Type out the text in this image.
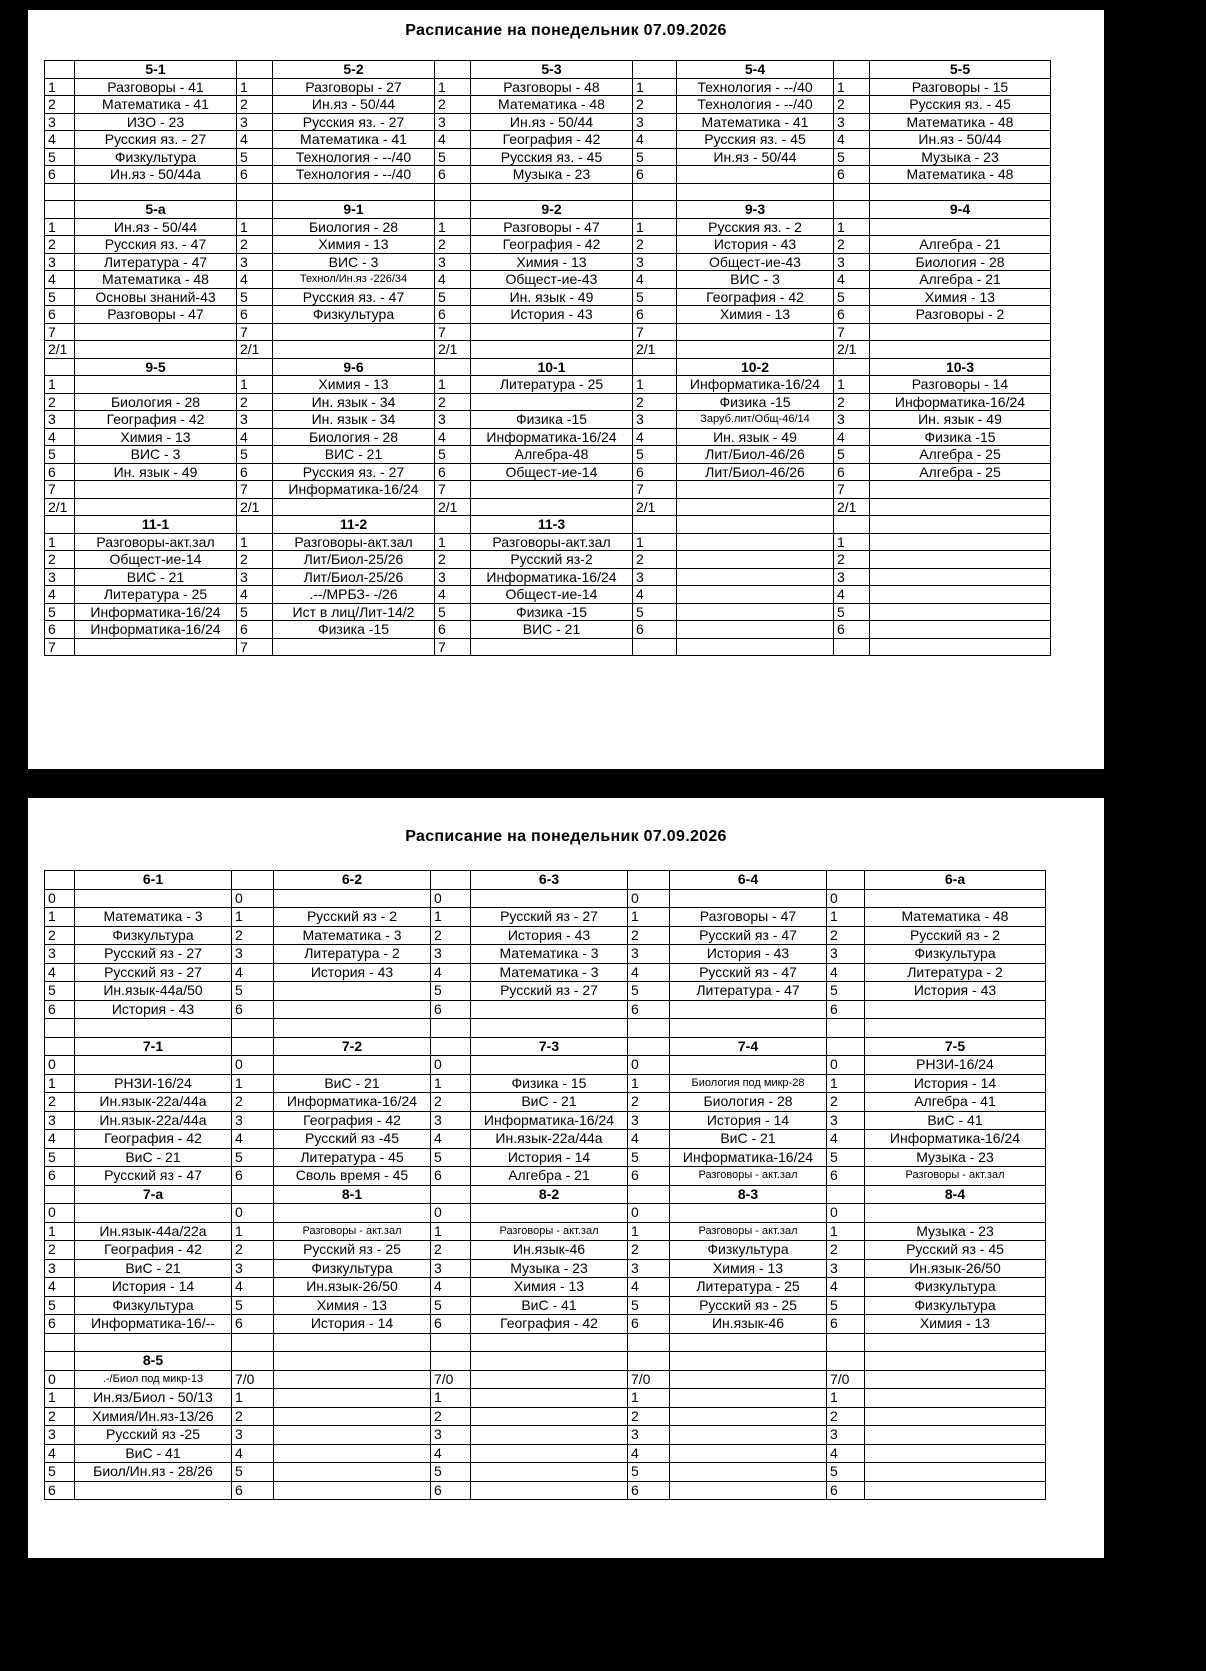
Расписание на понедельник 07.09.2026
	5-1		5-2		5-3		5-4		5-5
1	Разговоры - 41	1	Разговоры - 27	1	Разговоры - 48	1	Технология - --/40	1	Разговоры - 15
2	Математика - 41	2	Ин.яз - 50/44	2	Математика - 48	2	Технология - --/40	2	Русския яз. - 45
3	ИЗО - 23	3	Русския яз. - 27	3	Ин.яз - 50/44	3	Математика - 41	3	Математика - 48
4	Русския яз. - 27	4	Математика - 41	4	География - 42	4	Русския яз. - 45	4	Ин.яз - 50/44
5	Физкультура	5	Технология - --/40	5	Русския яз. - 45	5	Ин.яз - 50/44	5	Музыка - 23
6	Ин.яз - 50/44а	6	Технология - --/40	6	Музыка - 23	6		6	Математика - 48

	5-а		9-1		9-2		9-3		9-4
1	Ин.яз - 50/44	1	Биология - 28	1	Разговоры - 47	1	Русския яз. - 2	1	
2	Русския яз. - 47	2	Химия - 13	2	География - 42	2	История - 43	2	Алгебра - 21
3	Литература - 47	3	ВИС - 3	3	Химия - 13	3	Общест-ие-43	3	Биология - 28
4	Математика - 48	4	Технол/Ин.яз -226/34	4	Общест-ие-43	4	ВИС - 3	4	Алгебра - 21
5	Основы знаний-43	5	Русския яз. - 47	5	Ин. язык - 49	5	География - 42	5	Химия - 13
6	Разговоры - 47	6	Физкультура	6	История - 43	6	Химия - 13	6	Разговоры - 2
7		7		7		7		7	
2/1		2/1		2/1		2/1		2/1	
	9-5		9-6		10-1		10-2		10-3
1		1	Химия - 13	1	Литература - 25	1	Информатика-16/24	1	Разговоры - 14
2	Биология - 28	2	Ин. язык - 34	2		2	Физика -15	2	Информатика-16/24
3	География - 42	3	Ин. язык - 34	3	Физика -15	3	Заруб.лит/Общ-46/14	3	Ин. язык - 49
4	Химия - 13	4	Биология - 28	4	Информатика-16/24	4	Ин. язык - 49	4	Физика -15
5	ВИС - 3	5	ВИС - 21	5	Алгебра-48	5	Лит/Биол-46/26	5	Алгебра - 25
6	Ин. язык - 49	6	Русския яз. - 27	6	Общест-ие-14	6	Лит/Биол-46/26	6	Алгебра - 25
7		7	Информатика-16/24	7		7		7	
2/1		2/1		2/1		2/1		2/1	
	11-1		11-2		11-3				
1	Разговоры-акт.зал	1	Разговоры-акт.зал	1	Разговоры-акт.зал	1		1	
2	Общест-ие-14	2	Лит/Биол-25/26	2	Русский яз-2	2		2	
3	ВИС - 21	3	Лит/Биол-25/26	3	Информатика-16/24	3		3	
4	Литература - 25	4	.--/МРБЗ- -/26	4	Общест-ие-14	4		4	
5	Информатика-16/24	5	Ист в лиц/Лит-14/2	5	Физика -15	5		5	
6	Информатика-16/24	6	Физика -15	6	ВИС - 21	6		6	
7		7		7					
Расписание на понедельник 07.09.2026
	6-1		6-2		6-3		6-4		6-а
0		0		0		0		0	
1	Математика - 3	1	Русский яз - 2	1	Русский яз - 27	1	Разговоры - 47	1	Математика - 48
2	Физкультура	2	Математика - 3	2	История - 43	2	Русский яз - 47	2	Русский яз - 2
3	Русский яз - 27	3	Литература - 2	3	Математика - 3	3	История - 43	3	Физкультура
4	Русский яз - 27	4	История - 43	4	Математика - 3	4	Русский яз - 47	4	Литература - 2
5	Ин.язык-44а/50	5		5	Русский яз - 27	5	Литература - 47	5	История - 43
6	История - 43	6		6		6		6	

	7-1		7-2		7-3		7-4		7-5
0		0		0		0		0	РНЗИ-16/24
1	РНЗИ-16/24	1	ВиС - 21	1	Физика - 15	1	Биология под микр-28	1	История - 14
2	Ин.язык-22а/44а	2	Информатика-16/24	2	ВиС - 21	2	Биология - 28	2	Алгебра - 41
3	Ин.язык-22а/44а	3	География - 42	3	Информатика-16/24	3	История - 14	3	ВиС - 41
4	География - 42	4	Русский яз -45	4	Ин.язык-22а/44а	4	ВиС - 21	4	Информатика-16/24
5	ВиС - 21	5	Литература - 45	5	История - 14	5	Информатика-16/24	5	Музыка - 23
6	Русский яз - 47	6	Своль время - 45	6	Алгебра - 21	6	Разговоры - акт.зал	6	Разговоры - акт.зал
	7-а		8-1		8-2		8-3		8-4
0		0		0		0		0	
1	Ин.язык-44а/22а	1	Разговоры - акт.зал	1	Разговоры - акт.зал	1	Разговоры - акт.зал	1	Музыка - 23
2	География - 42	2	Русский яз - 25	2	Ин.язык-46	2	Физкультура	2	Русский яз - 45
3	ВиС - 21	3	Физкультура	3	Музыка - 23	3	Химия - 13	3	Ин.язык-26/50
4	История - 14	4	Ин.язык-26/50	4	Химия - 13	4	Литература - 25	4	Физкультура
5	Физкультура	5	Химия - 13	5	ВиС - 41	5	Русский яз - 25	5	Физкультура
6	Информатика-16/--	6	История - 14	6	География - 42	6	Ин.язык-46	6	Химия - 13

	8-5								
0	.-/Биол под микр-13	7/0		7/0		7/0		7/0	
1	Ин.яз/Биол - 50/13	1		1		1		1	
2	Химия/Ин.яз-13/26	2		2		2		2	
3	Русский яз -25	3		3		3		3	
4	ВиС - 41	4		4		4		4	
5	Биол/Ин.яз - 28/26	5		5		5		5	
6		6		6		6		6	
